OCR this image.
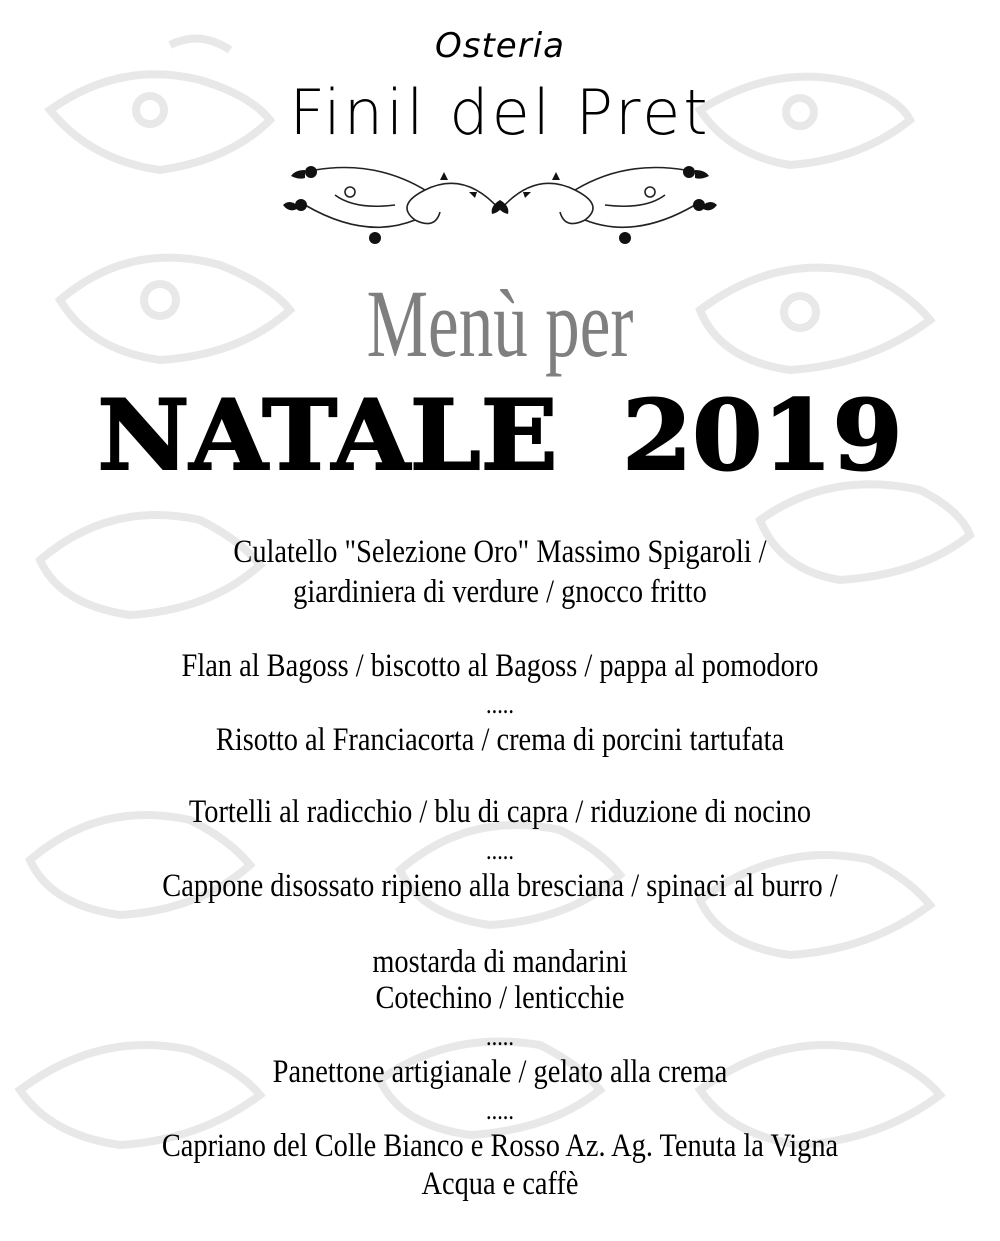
Osteria
Finil del Pret
Menù per
NATALE 2019
Culatello "Selezione Oro" Massimo Spigaroli /
giardiniera di verdure / gnocco fritto
Flan al Bagoss / biscotto al Bagoss / pappa al pomodoro
.....
Risotto al Franciacorta / crema di porcini tartufata
Tortelli al radicchio / blu di capra / riduzione di nocino
.....
Cappone disossato ripieno alla bresciana / spinaci al burro /
mostarda di mandarini
Cotechino / lenticchie
.....
Panettone artigianale / gelato alla crema
.....
Capriano del Colle Bianco e Rosso Az. Ag. Tenuta la Vigna
Acqua e caffè
